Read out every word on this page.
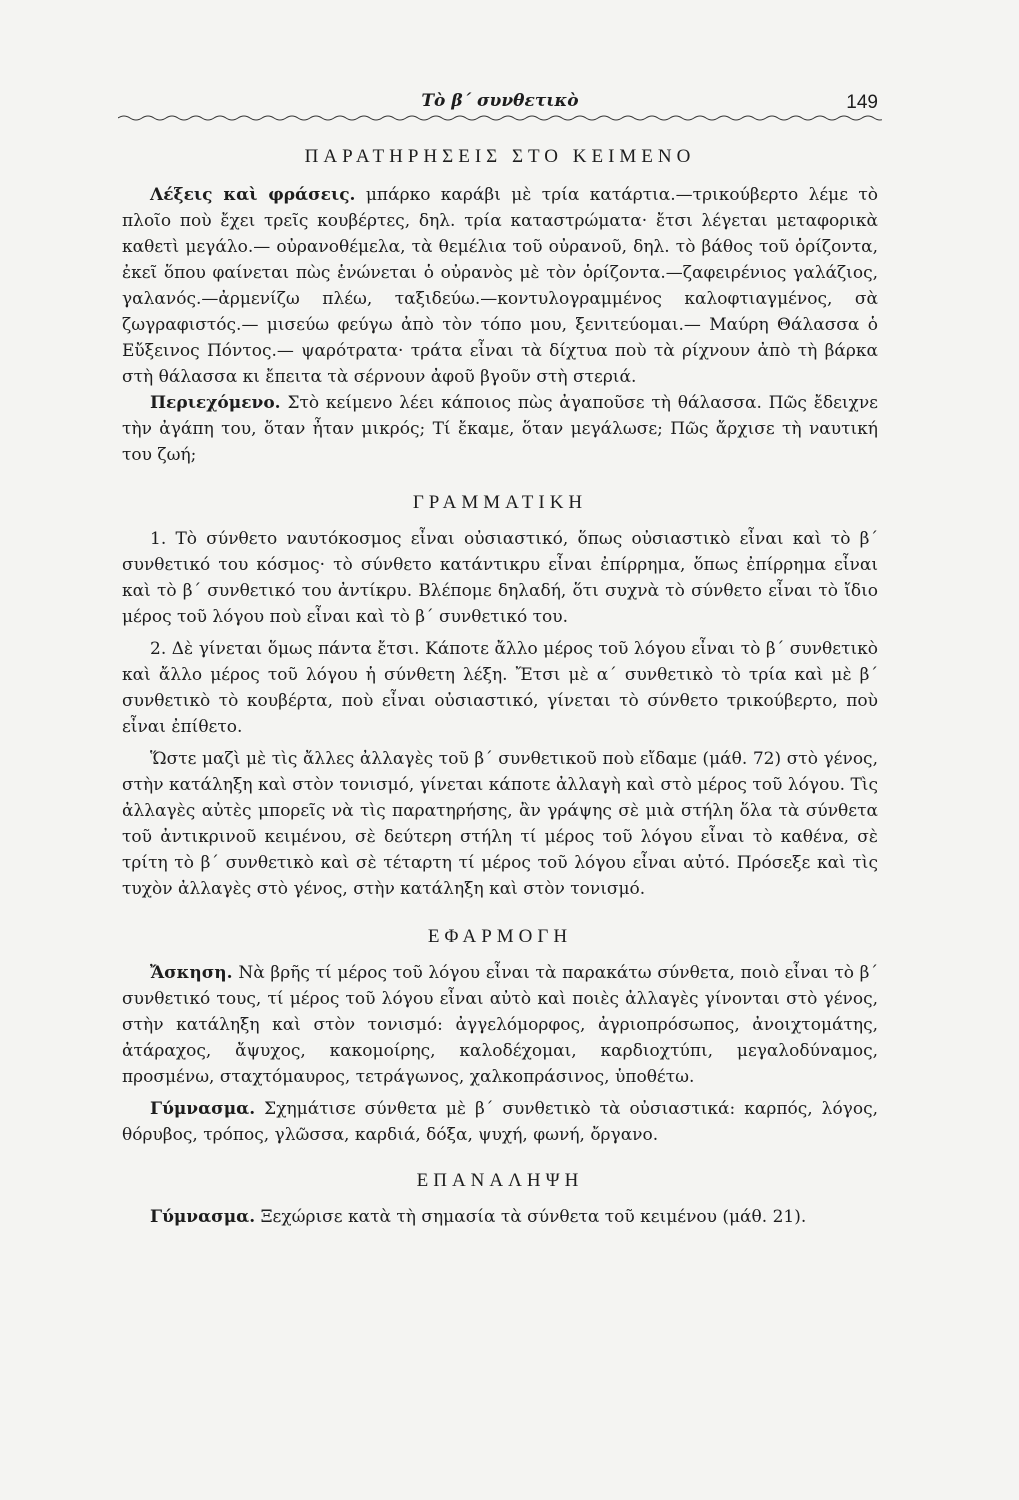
Τὸ β΄ συνθετικὸ	149
ΠΑΡΑΤΗΡΗΣΕΙΣ ΣΤΟ ΚΕΙΜΕΝΟ

Λέξεις καὶ φράσεις. μπάρκο καράβι μὲ τρία κατάρτια.—τρικούβερτο λέμε τὸ πλοῖο ποὺ ἔχει τρεῖς κουβέρτες, δηλ. τρία καταστρώματα· ἔτσι λέγεται μεταφορικὰ καθετὶ μεγάλο.— οὐρανοθέμελα, τὰ θεμέλια τοῦ οὐρανοῦ, δηλ. τὸ βάθος τοῦ ὁρίζοντα, ἐκεῖ ὅπου φαίνεται πὼς ἑνώνεται ὁ οὐρανὸς μὲ τὸν ὁρίζοντα.—ζαφειρένιος γαλάζιος, γαλανός.—ἀρμενίζω πλέω, ταξιδεύω.—κοντυλογραμμένος καλοφτιαγμένος, σὰ ζωγραφιστός.— μισεύω φεύγω ἀπὸ τὸν τόπο μου, ξενιτεύομαι.— Μαύρη Θάλασσα ὁ Εὔξεινος Πόντος.— ψαρότρατα· τράτα εἶναι τὰ δίχτυα ποὺ τὰ ρίχνουν ἀπὸ τὴ βάρκα στὴ θάλασσα κι ἔπειτα τὰ σέρνουν ἀφοῦ βγοῦν στὴ στεριά.

Περιεχόμενο. Στὸ κείμενο λέει κάποιος πὼς ἀγαποῦσε τὴ θάλασσα. Πῶς ἔδειχνε τὴν ἀγάπη του, ὅταν ἦταν μικρός; Τί ἔκαμε, ὅταν μεγάλωσε; Πῶς ἄρχισε τὴ ναυτική του ζωή;

ΓΡΑΜΜΑΤΙΚΗ

1. Τὸ σύνθετο ναυτόκοσμος εἶναι οὐσιαστικό, ὅπως οὐσιαστικὸ εἶναι καὶ τὸ β΄ συνθετικό του κόσμος· τὸ σύνθετο κατάντικρυ εἶναι ἐπίρρημα, ὅπως ἐπίρρημα εἶναι καὶ τὸ β΄ συνθετικό του ἀντίκρυ. Βλέπομε δηλαδή, ὅτι συχνὰ τὸ σύνθετο εἶναι τὸ ἴδιο μέρος τοῦ λόγου ποὺ εἶναι καὶ τὸ β΄ συνθετικό του.

2. Δὲ γίνεται ὅμως πάντα ἔτσι. Κάποτε ἄλλο μέρος τοῦ λόγου εἶναι τὸ β΄ συνθετικὸ καὶ ἄλλο μέρος τοῦ λόγου ἡ σύνθετη λέξη. Ἔτσι μὲ α΄ συνθετικὸ τὸ τρία καὶ μὲ β΄ συνθετικὸ τὸ κουβέρτα, ποὺ εἶναι οὐσιαστικό, γίνεται τὸ σύνθετο τρικούβερτο, ποὺ εἶναι ἐπίθετο.

Ὥστε μαζὶ μὲ τὶς ἄλλες ἀλλαγὲς τοῦ β΄ συνθετικοῦ ποὺ εἴδαμε (μάθ. 72) στὸ γένος, στὴν κατάληξη καὶ στὸν τονισμό, γίνεται κάποτε ἀλλαγὴ καὶ στὸ μέρος τοῦ λόγου. Τὶς ἀλλαγὲς αὐτὲς μπορεῖς νὰ τὶς παρατηρήσης, ἂν γράψης σὲ μιὰ στήλη ὅλα τὰ σύνθετα τοῦ ἀντικρινοῦ κειμένου, σὲ δεύτερη στήλη τί μέρος τοῦ λόγου εἶναι τὸ καθένα, σὲ τρίτη τὸ β΄ συνθετικὸ καὶ σὲ τέταρτη τί μέρος τοῦ λόγου εἶναι αὐτό. Πρόσεξε καὶ τὶς τυχὸν ἀλλαγὲς στὸ γένος, στὴν κατάληξη καὶ στὸν τονισμό.

ΕΦΑΡΜΟΓΗ

Ἄσκηση. Νὰ βρῆς τί μέρος τοῦ λόγου εἶναι τὰ παρακάτω σύνθετα, ποιὸ εἶναι τὸ β΄ συνθετικό τους, τί μέρος τοῦ λόγου εἶναι αὐτὸ καὶ ποιὲς ἀλλαγὲς γίνονται στὸ γένος, στὴν κατάληξη καὶ στὸν τονισμό: ἀγγελόμορφος, ἀγριοπρόσωπος, ἀνοιχτομάτης, ἀτάραχος, ἄψυχος, κακομοίρης, καλοδέχομαι, καρδιοχτύπι, μεγαλοδύναμος, προσμένω, σταχτόμαυρος, τετράγωνος, χαλκοπράσινος, ὑποθέτω.

Γύμνασμα. Σχημάτισε σύνθετα μὲ β΄ συνθετικὸ τὰ οὐσιαστικά: καρπός, λόγος, θόρυβος, τρόπος, γλῶσσα, καρδιά, δόξα, ψυχή, φωνή, ὄργανο.

ΕΠΑΝΑΛΗΨΗ

Γύμνασμα. Ξεχώρισε κατὰ τὴ σημασία τὰ σύνθετα τοῦ κειμένου (μάθ. 21).
